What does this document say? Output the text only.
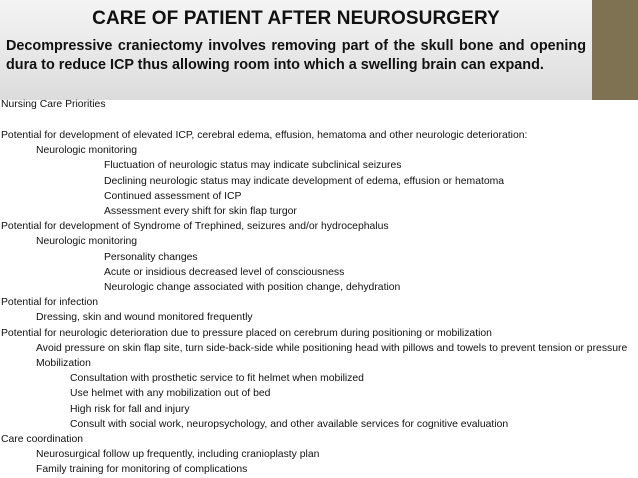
CARE OF PATIENT AFTER NEUROSURGERY
Decompressive craniectomy involves removing part of the skull bone and opening dura to reduce ICP thus allowing room into which a swelling brain can expand.
Nursing Care Priorities
Potential for development of elevated ICP, cerebral edema, effusion, hematoma and other neurologic deterioration:
Neurologic monitoring
Fluctuation of neurologic status may indicate subclinical seizures
Declining neurologic status may indicate development of edema, effusion or hematoma
Continued assessment of ICP
Assessment every shift for skin flap turgor
Potential for development of Syndrome of Trephined, seizures and/or hydrocephalus
Neurologic monitoring
Personality changes
Acute or insidious decreased level of consciousness
Neurologic change associated with position change, dehydration
Potential for infection
Dressing, skin and wound monitored frequently
Potential for neurologic deterioration due to pressure placed on cerebrum during positioning or mobilization
Avoid pressure on skin flap site, turn side-back-side while positioning head with pillows and towels to prevent tension or pressure
Mobilization
Consultation with prosthetic service to fit helmet when mobilized
Use helmet with any mobilization out of bed
High risk for fall and injury
Consult with social work, neuropsychology, and other available services for cognitive evaluation
Care coordination
Neurosurgical follow up frequently, including cranioplasty plan
Family training for monitoring of complications
